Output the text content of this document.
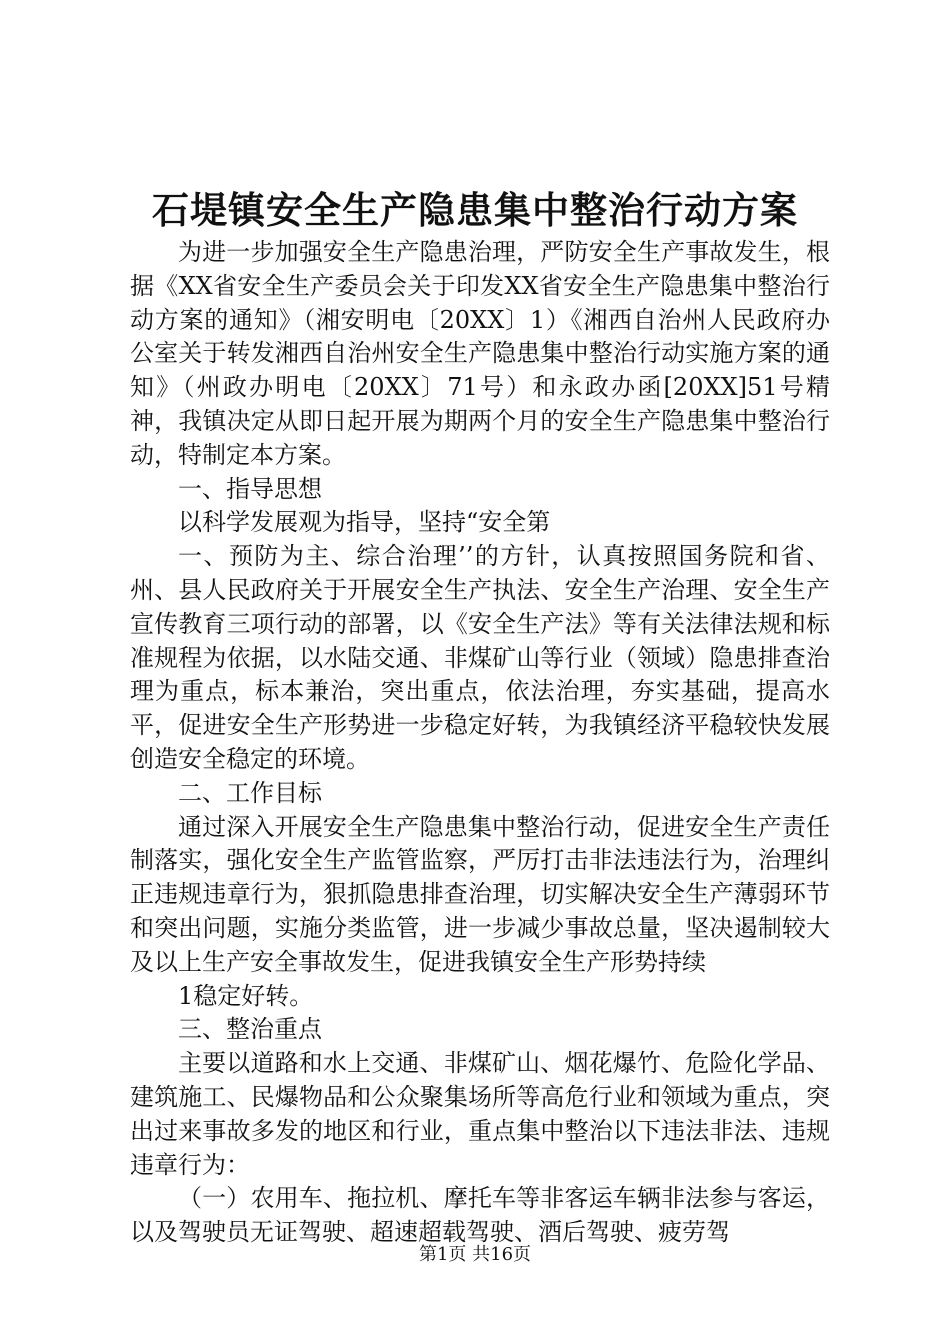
石堤镇安全生产隐患集中整治行动方案

为进一步加强安全生产隐患治理，严防安全生产事故发生，根据《XX省安全生产委员会关于印发XX省安全生产隐患集中整治行动方案的通知》（湘安明电〔20XX〕1）《湘西自治州人民政府办公室关于转发湘西自治州安全生产隐患集中整治行动实施方案的通知》（州政办明电〔20XX〕71号）和永政办函[20XX]51号精神，我镇决定从即日起开展为期两个月的安全生产隐患集中整治行动，特制定本方案。

一、指导思想

以科学发展观为指导，坚持“安全第

一、预防为主、综合治理’’的方针，认真按照国务院和省、州、县人民政府关于开展安全生产执法、安全生产治理、安全生产宣传教育三项行动的部署，以《安全生产法》等有关法律法规和标准规程为依据，以水陆交通、非煤矿山等行业（领域）隐患排查治理为重点，标本兼治，突出重点，依法治理，夯实基础，提高水平，促进安全生产形势进一步稳定好转，为我镇经济平稳较快发展创造安全稳定的环境。

二、工作目标

通过深入开展安全生产隐患集中整治行动，促进安全生产责任制落实，强化安全生产监管监察，严厉打击非法违法行为，治理纠正违规违章行为，狠抓隐患排查治理，切实解决安全生产薄弱环节和突出问题，实施分类监管，进一步减少事故总量，坚决遏制较大及以上生产安全事故发生，促进我镇安全生产形势持续

1稳定好转。

三、整治重点

主要以道路和水上交通、非煤矿山、烟花爆竹、危险化学品、建筑施工、民爆物品和公众聚集场所等高危行业和领域为重点，突出过来事故多发的地区和行业，重点集中整治以下违法非法、违规违章行为：

（一）农用车、拖拉机、摩托车等非客运车辆非法参与客运，以及驾驶员无证驾驶、超速超载驾驶、酒后驾驶、疲劳驾

第1页 共16页
